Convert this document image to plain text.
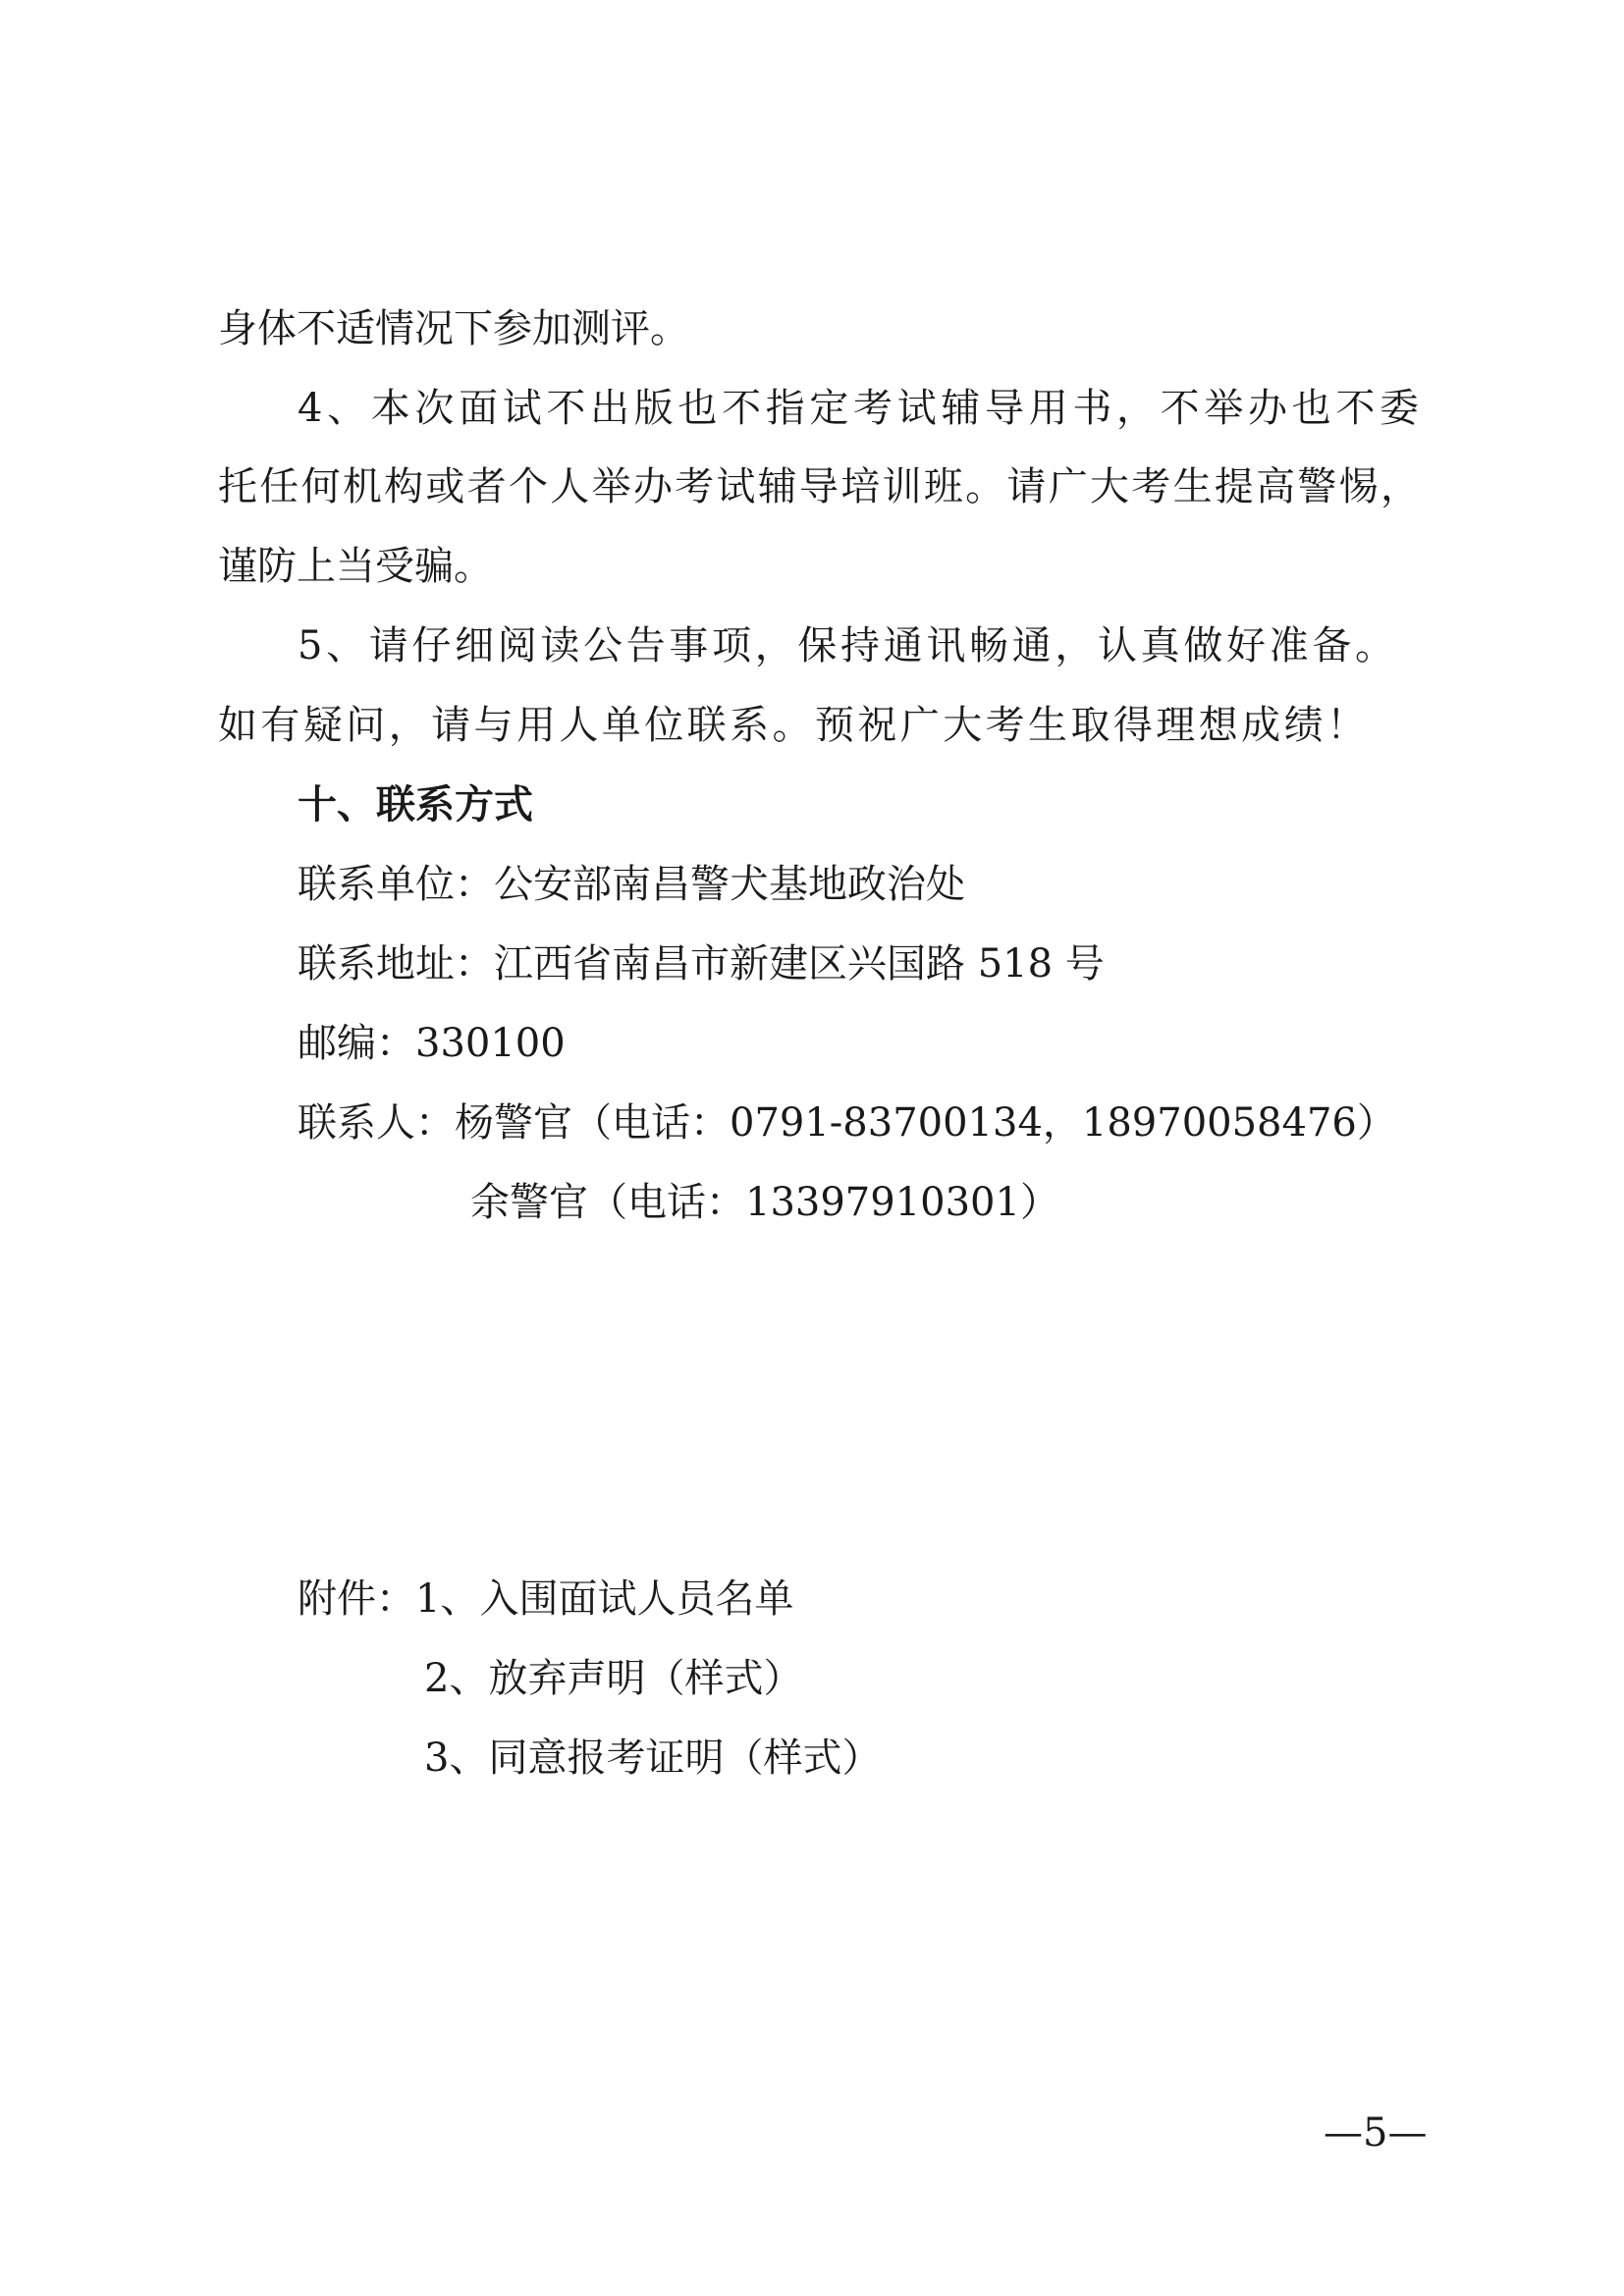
身体不适情况下参加测评。
4、本次面试不出版也不指定考试辅导用书，不举办也不委
托任何机构或者个人举办考试辅导培训班。请广大考生提高警惕，
谨防上当受骗。
5、请仔细阅读公告事项，保持通讯畅通，认真做好准备。
如有疑问，请与用人单位联系。预祝广大考生取得理想成绩！
十、联系方式
联系单位：公安部南昌警犬基地政治处
联系地址：江西省南昌市新建区兴国路 518 号
邮编：330100
联系人：杨警官（电话：0791-83700134，18970058476）
余警官（电话：13397910301）
附件：1、入围面试人员名单
2、放弃声明（样式）
3、同意报考证明（样式）
—5—
